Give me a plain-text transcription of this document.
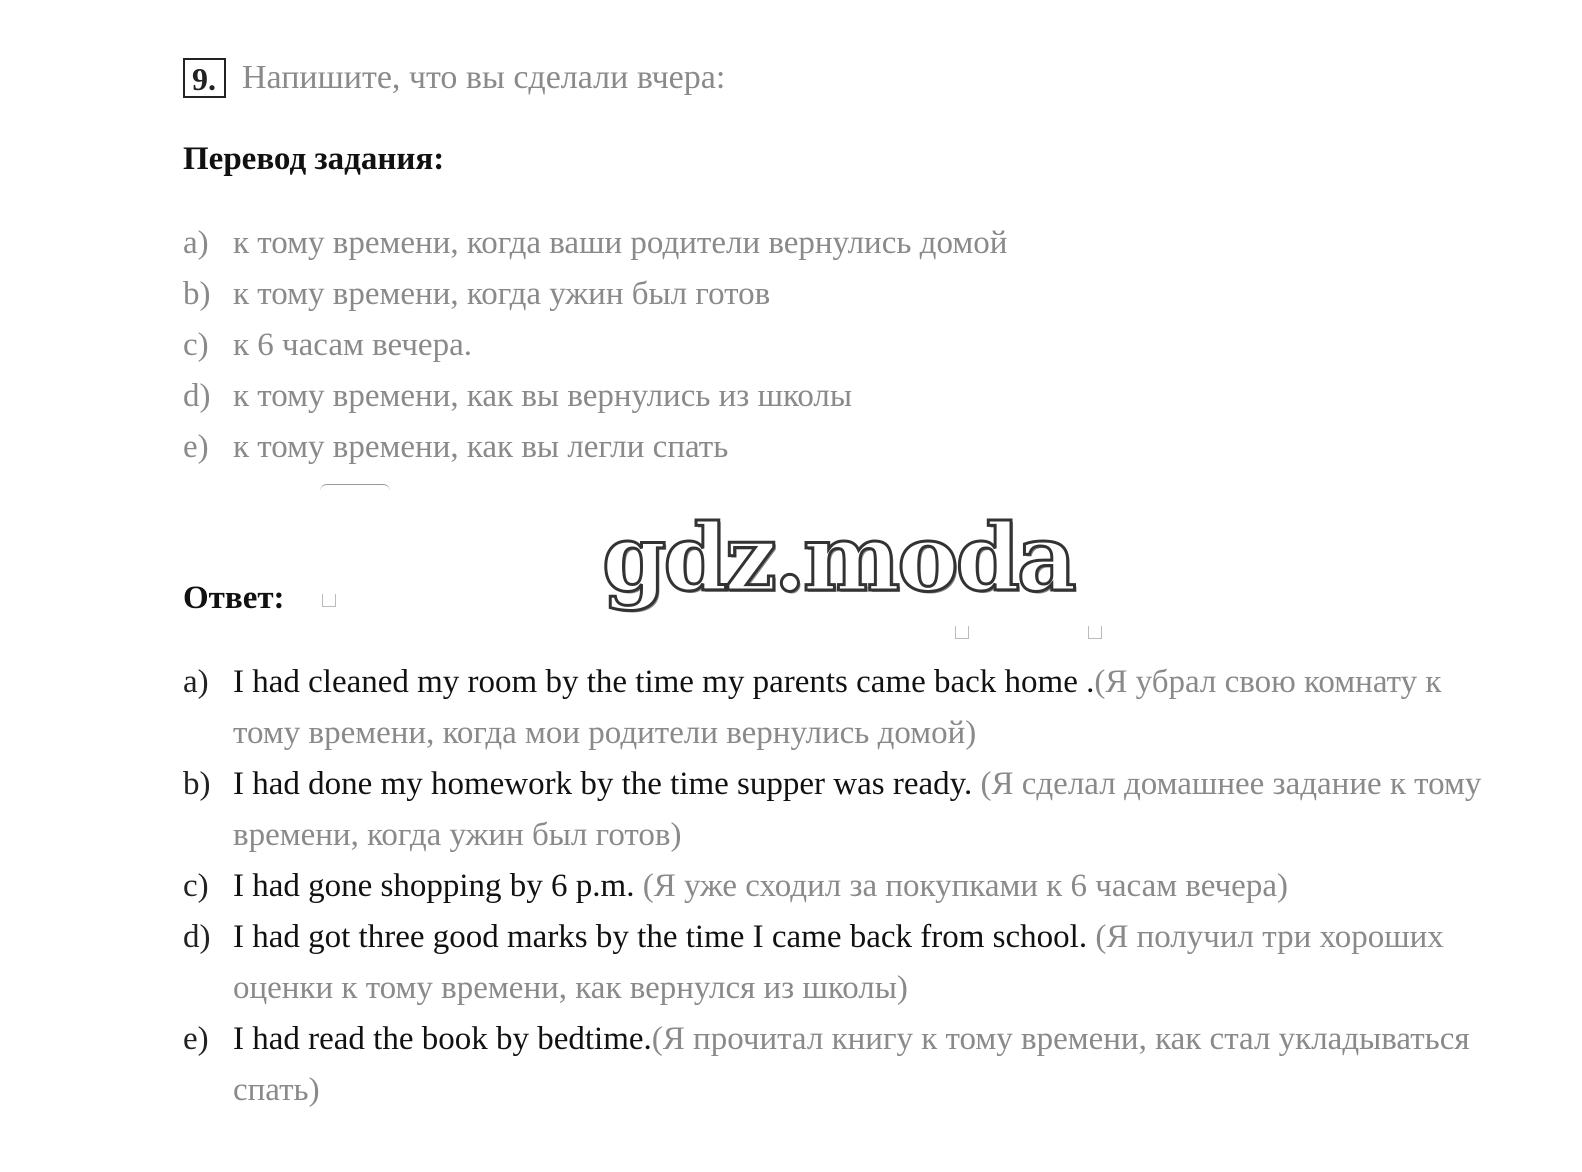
9. Напишите, что вы сделали вчера:
Перевод задания:
a) к тому времени, когда ваши родители вернулись домой
b) к тому времени, когда ужин был готов
c) к 6 часам вечера.
d) к тому времени, как вы вернулись из школы
e) к тому времени, как вы легли спать
gdz.moda
Ответ:
a) I had cleaned my room by the time my parents came back home .(Я убрал свою комнату к тому времени, когда мои родители вернулись домой)
b) I had done my homework by the time supper was ready. (Я сделал домашнее задание к тому времени, когда ужин был готов)
c) I had gone shopping by 6 p.m. (Я уже сходил за покупками к 6 часам вечера)
d) I had got three good marks by the time I came back from school. (Я получил три хороших оценки к тому времени, как вернулся из школы)
e) I had read the book by bedtime.(Я прочитал книгу к тому времени, как стал укладываться спать)
